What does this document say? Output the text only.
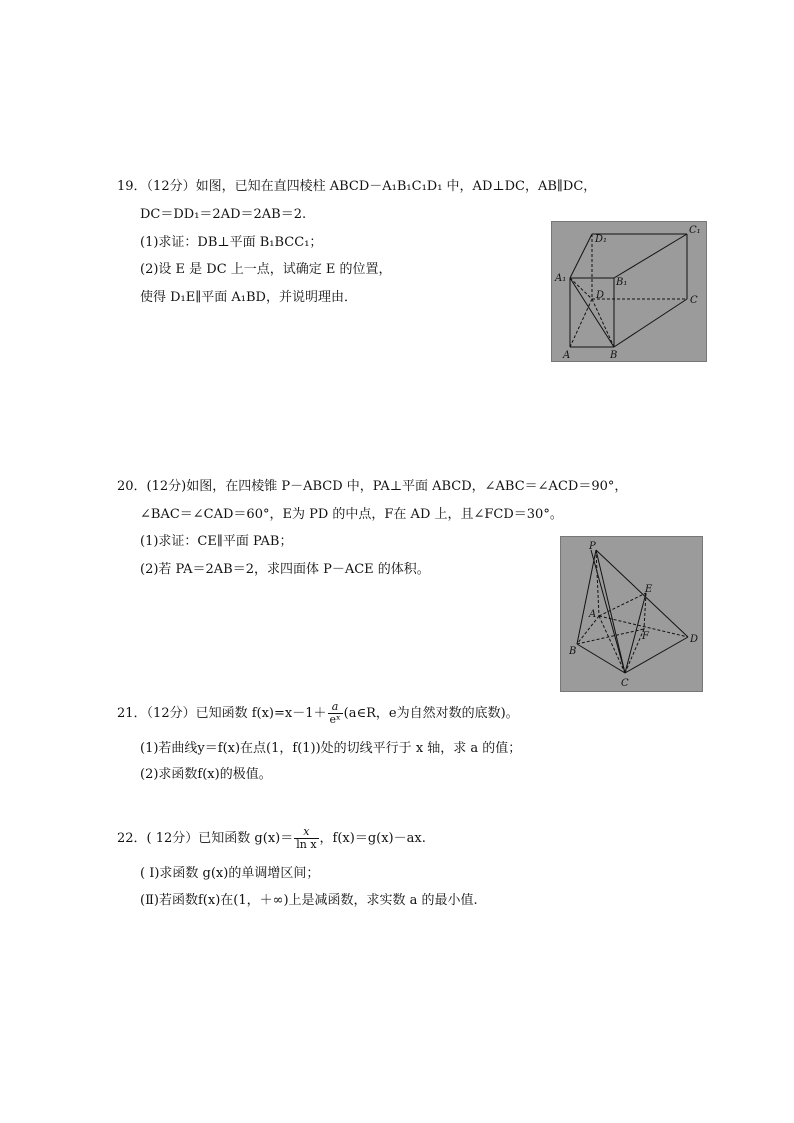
19．（12分）如图，已知在直四棱柱 ABCD－A₁B₁C₁D₁ 中，AD⊥DC，AB∥DC，
DC＝DD₁＝2AD＝2AB＝2.
(1)求证：DB⊥平面 B₁BCC₁；
(2)设 E 是 DC 上一点，试确定 E 的位置，
使得 D₁E∥平面 A₁BD，并说明理由．
D₁
C₁
A₁	B₁
D	C
A	B
20．(12分)如图，在四棱锥 P－ABCD 中，PA⊥平面 ABCD，∠ABC＝∠ACD＝90°，
∠BAC＝∠CAD＝60°，E为 PD 的中点，F在 AD 上，且∠FCD＝30°。
(1)求证：CE∥平面 PAB；
(2)若 PA＝2AB＝2，求四面体 P－ACE 的体积。
P
E
A
F	D
B
C
21．（12分）已知函数 $f(x)=x-1+ \frac{a}{\text{eˣ}}$ (a∈R，e为自然对数的底数)。
(1)若曲线y＝f(x)在点(1，f(1))处的切线平行于 x 轴，求 a 的值；
(2)求函数f(x)的极值。
22．( 12分）已知函数 $g(x)= \frac{x}{\text{ln x}}$ ，f(x)＝g(x)－ax.
( Ⅰ)求函数 g(x)的单调增区间；
(Ⅱ)若函数f(x)在(1，＋∞)上是减函数，求实数 a 的最小值.
